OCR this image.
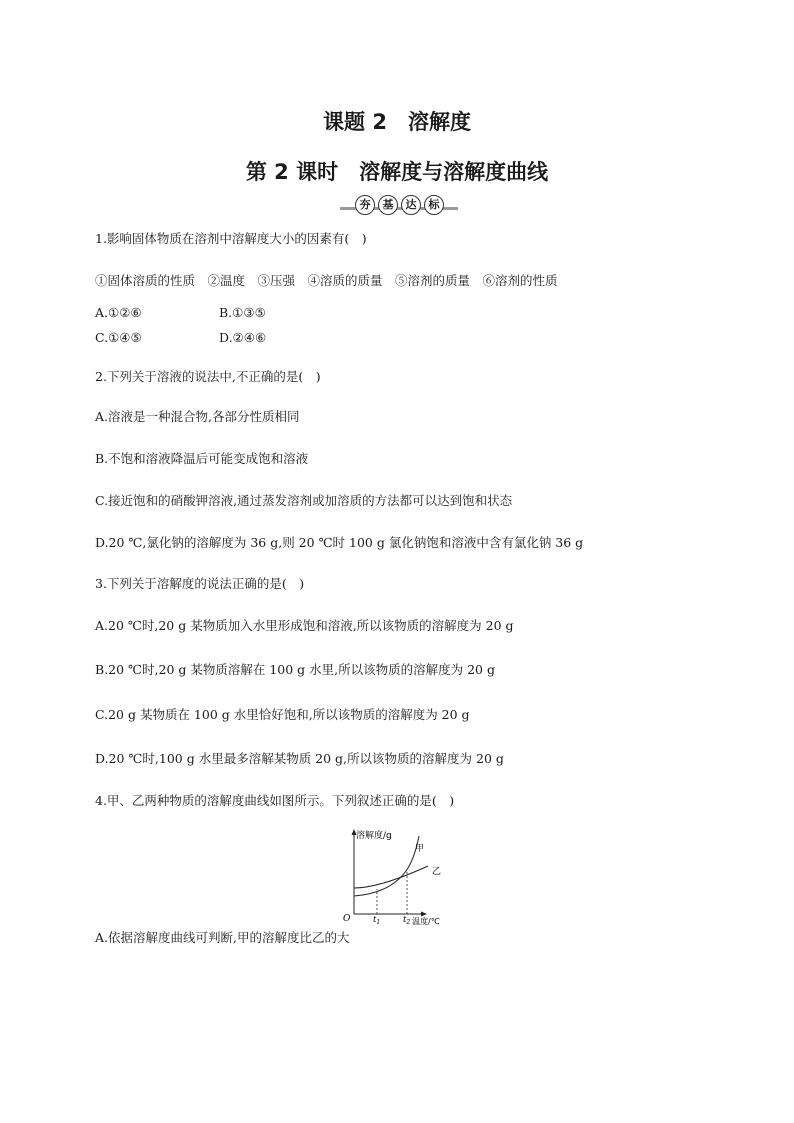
课题 2　溶解度
第 2 课时　溶解度与溶解度曲线
夯	基	达	标
1.影响固体物质在溶剂中溶解度大小的因素有(　)
①固体溶质的性质　②温度　③压强　④溶质的质量　⑤溶剂的质量　⑥溶剂的性质
A.①②⑥	B.①③⑤
C.①④⑤	D.②④⑥
2.下列关于溶液的说法中,不正确的是(　)
A.溶液是一种混合物,各部分性质相同
B.不饱和溶液降温后可能变成饱和溶液
C.接近饱和的硝酸钾溶液,通过蒸发溶剂或加溶质的方法都可以达到饱和状态
D.20 ℃,氯化钠的溶解度为 36 g,则 20 ℃时 100 g 氯化钠饱和溶液中含有氯化钠 36 g
3.下列关于溶解度的说法正确的是(　)
A.20 ℃时,20 g 某物质加入水里形成饱和溶液,所以该物质的溶解度为 20 g
B.20 ℃时,20 g 某物质溶解在 100 g 水里,所以该物质的溶解度为 20 g
C.20 g 某物质在 100 g 水里恰好饱和,所以该物质的溶解度为 20 g
D.20 ℃时,100 g 水里最多溶解某物质 20 g,所以该物质的溶解度为 20 g
4.甲、乙两种物质的溶解度曲线如图所示。下列叙述正确的是(　)
溶解度/g
甲
乙
O	$t_1$	$t_2$ 温度/℃
A.依据溶解度曲线可判断,甲的溶解度比乙的大
